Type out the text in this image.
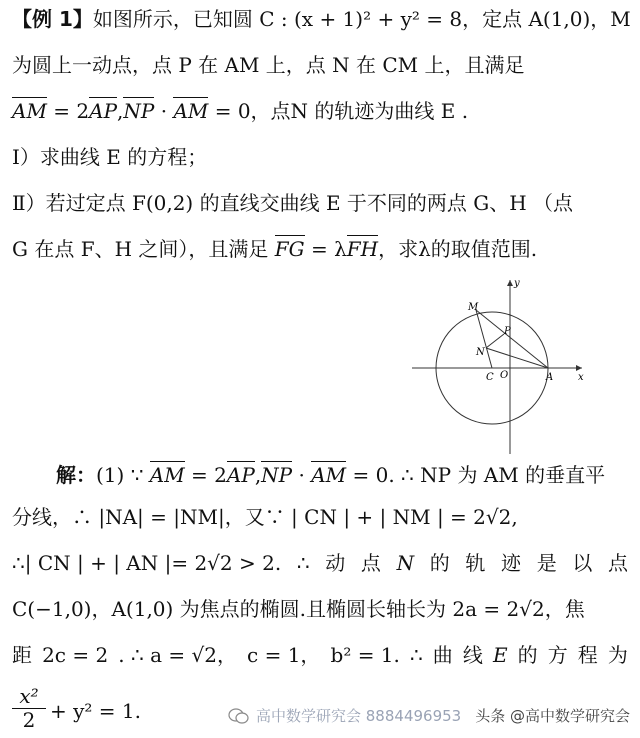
【例 1】如图所示，已知圆 C : (x + 1)² + y² = 8，定点 A(1,0)，M
为圆上一动点，点 P 在 AM 上，点 N 在 CM 上，且满足
AM = 2AP,NP · AM = 0，点N 的轨迹为曲线 E .
Ⅰ）求曲线 E 的方程；
Ⅱ）若过定点 F(0,2) 的直线交曲线 E 于不同的两点 G、H （点
G 在点 F、H 之间），且满足 FG = λFH，求λ的取值范围.
M
P
N
C O	A x
y
解：(1) ∵ AM = 2AP,NP · AM = 0. ∴ NP 为 AM 的垂直平
分线，∴ |NA| = |NM|，又∵ | CN | + | NM | = 2√2,
∴| CN | + | AN |= 2√2 > 2. ∴ 动 点 N 的 轨 迹 是 以 点
C(−1,0)，A(1,0) 为焦点的椭圆.且椭圆长轴长为 2a = 2√2，焦
距 2c = 2 . ∴ a = √2， c = 1， b² = 1. ∴ 曲 线 E 的 方 程 为
$\frac{\text{x²}}{2} + y^2 = 1$.	高中数学研究会 8884496953 头条 @高中数学研究会
